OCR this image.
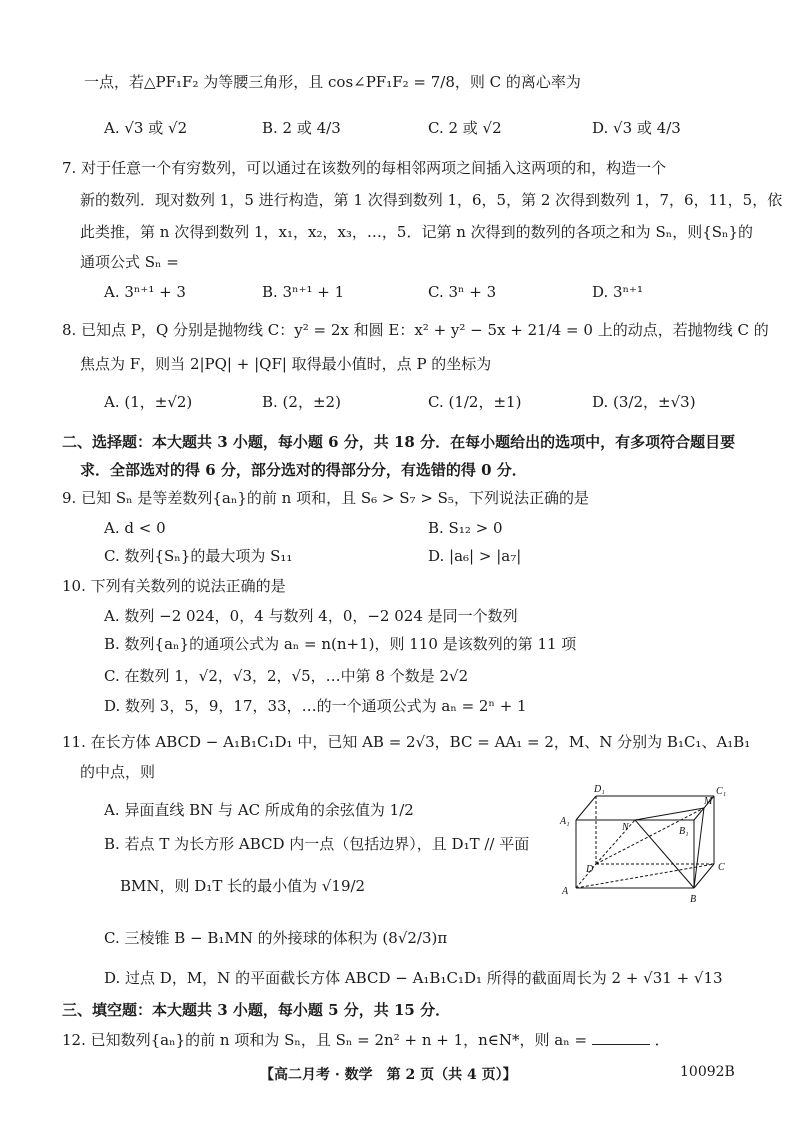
一点，若△PF₁F₂ 为等腰三角形，且 cos∠PF₁F₂ = 7/8，则 C 的离心率为
A. √3 或 √2	B. 2 或 4/3	C. 2 或 √2	D. √3 或 4/3
7. 对于任意一个有穷数列，可以通过在该数列的每相邻两项之间插入这两项的和，构造一个
新的数列．现对数列 1，5 进行构造，第 1 次得到数列 1，6，5，第 2 次得到数列 1，7，6，11，5，依
此类推，第 n 次得到数列 1，x₁，x₂，x₃，…，5．记第 n 次得到的数列的各项之和为 Sₙ，则{Sₙ}的
通项公式 Sₙ =
A. 3ⁿ⁺¹ + 3	B. 3ⁿ⁺¹ + 1	C. 3ⁿ + 3	D. 3ⁿ⁺¹
8. 已知点 P，Q 分别是抛物线 C：y² = 2x 和圆 E：x² + y² − 5x + 21/4 = 0 上的动点，若抛物线 C 的
焦点为 F，则当 2|PQ| + |QF| 取得最小值时，点 P 的坐标为
A. (1，±√2)	B. (2，±2)	C. (1/2，±1)	D. (3/2，±√3)
二、选择题：本大题共 3 小题，每小题 6 分，共 18 分．在每小题给出的选项中，有多项符合题目要
求．全部选对的得 6 分，部分选对的得部分分，有选错的得 0 分．
9. 已知 Sₙ 是等差数列{aₙ}的前 n 项和，且 S₆ > S₇ > S₅，下列说法正确的是
A. d < 0	B. S₁₂ > 0
C. 数列{Sₙ}的最大项为 S₁₁	D. |a₆| > |a₇|
10. 下列有关数列的说法正确的是
A. 数列 −2 024，0，4 与数列 4，0，−2 024 是同一个数列
B. 数列{aₙ}的通项公式为 aₙ = n(n+1)，则 110 是该数列的第 11 项
C. 在数列 1，√2，√3，2，√5，…中第 8 个数是 2√2
D. 数列 3，5，9，17，33，…的一个通项公式为 aₙ = 2ⁿ + 1
11. 在长方体 ABCD − A₁B₁C₁D₁ 中，已知 AB = 2√3，BC = AA₁ = 2，M、N 分别为 B₁C₁、A₁B₁
的中点，则
A. 异面直线 BN 与 AC 所成角的余弦值为 1/2
B. 若点 T 为长方形 ABCD 内一点（包括边界），且 D₁T // 平面
BMN，则 D₁T 长的最小值为 √19/2
C. 三棱锥 B − B₁MN 的外接球的体积为 (8√2/3)π
D. 过点 D，M，N 的平面截长方体 ABCD − A₁B₁C₁D₁ 所得的截面周长为 2 + √31 + √13
D₁	C₁
A₁
N
M
B₁
D	C
A
B
三、填空题：本大题共 3 小题，每小题 5 分，共 15 分．
12. 已知数列{aₙ}的前 n 项和为 Sₙ，且 Sₙ = 2n² + n + 1，n∈N*，则 aₙ =	．
【高二月考 · 数学　第 2 页（共 4 页）】	10092B
